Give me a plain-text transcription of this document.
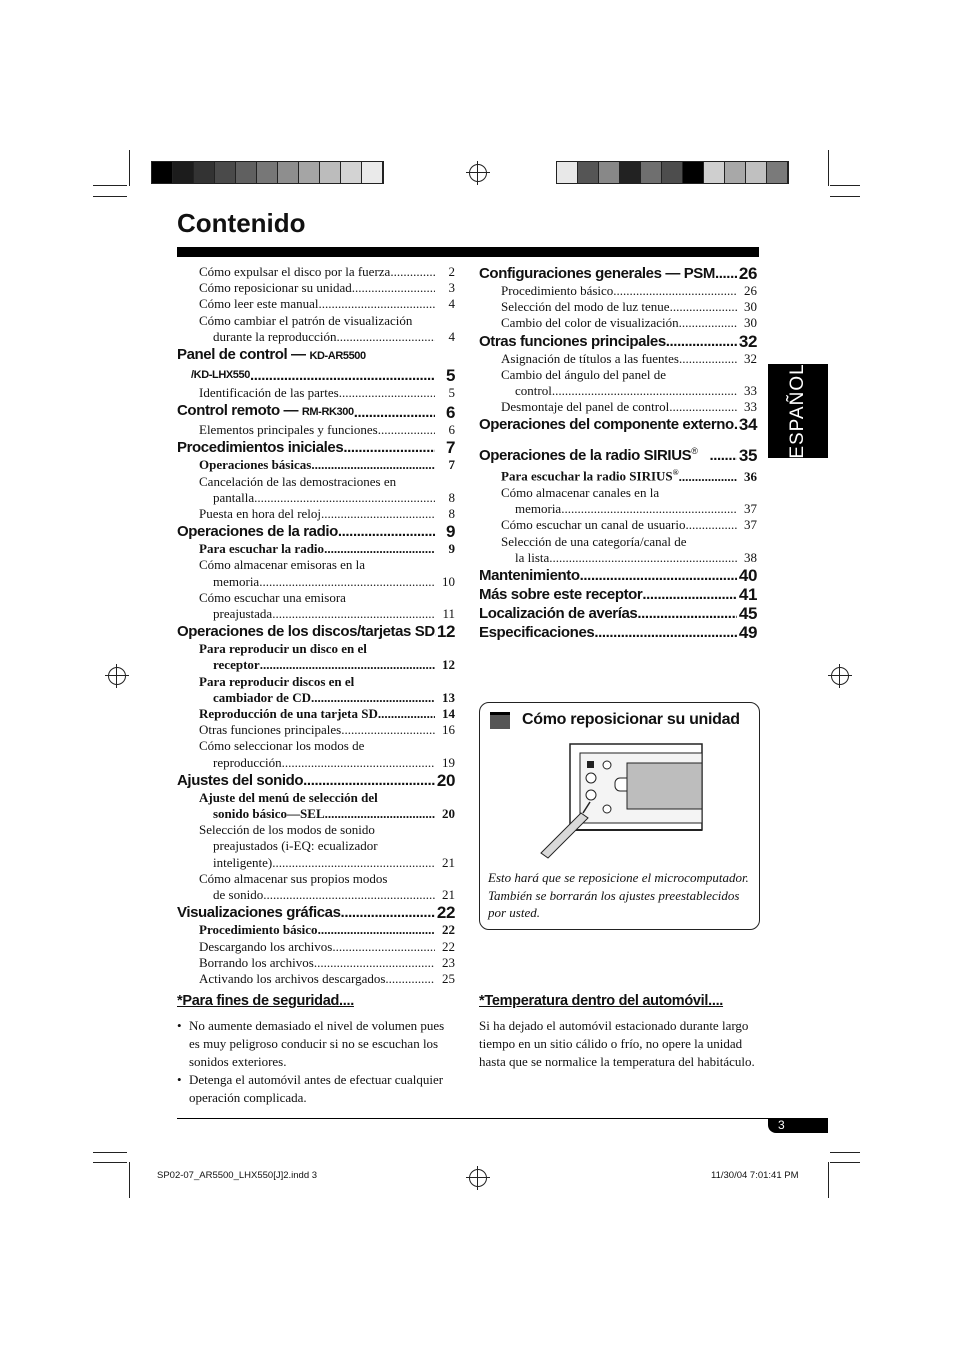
Contenido
ESPAÑOL
Cómo expulsar el disco por la fuerza .....	2
Cómo reposicionar su unidad .....	3
Cómo leer este manual .....	4
Cómo cambiar el patrón de visualización
durante la reproducción .....	4
Panel de control — KD-AR5500
/KD-LHX550 .....	5
Identificación de las partes .....	5
Control remoto — RM-RK300 .....	6
Elementos principales y funciones .....	6
Procedimientos iniciales .....	7
Operaciones básicas .....	7
Cancelación de las demostraciones en
pantalla .....	8
Puesta en hora del reloj .....	8
Operaciones de la radio .....	9
Para escuchar la radio .....	9
Cómo almacenar emisoras en la
memoria .....	10
Cómo escuchar una emisora
preajustada .....	11
Operaciones de los discos/tarjetas SD ..... 12
Para reproducir un disco en el
receptor .....	12
Para reproducir discos en el
cambiador de CD .....	13
Reproducción de una tarjeta SD .....	14
Otras funciones principales .....	16
Cómo seleccionar los modos de
reproducción .....	19
Ajustes del sonido .....	20
Ajuste del menú de selección del
sonido básico—SEL .....	20
Selección de los modos de sonido
preajustados (i-EQ: ecualizador
inteligente) .....	21
Cómo almacenar sus propios modos
de sonido .....	21
Visualizaciones gráficas .....	22
Procedimiento básico .....	22
Descargando los archivos .....	22
Borrando los archivos .....	23
Activando los archivos descargados .....	25
Configuraciones generales — PSM ..... 26
Procedimiento básico .....	26
Selección del modo de luz tenue .....	30
Cambio del color de visualización .....	30
Otras funciones principales .....	32
Asignación de títulos a las fuentes .....	32
Cambio del ángulo del panel de
control .....	33
Desmontaje del panel de control .....	33
Operaciones del componente externo ..... 34
Operaciones de la radio SIRIUS® ..... 35
Para escuchar la radio SIRIUS® .....	36
Cómo almacenar canales en la
memoria .....	37
Cómo escuchar un canal de usuario .....	37
Selección de una categoría/canal de
la lista .....	38
Mantenimiento .....	40
Más sobre este receptor .....	41
Localización de averías .....	45
Especificaciones .....	49
Cómo reposicionar su unidad
Esto hará que se reposicione el microcomputador. También se borrarán los ajustes preestablecidos por usted.
*Para fines de seguridad....
• No aumente demasiado el nivel de volumen pues es muy peligroso conducir si no se escuchan los sonidos exteriores.
• Detenga el automóvil antes de efectuar cualquier operación complicada.
*Temperatura dentro del automóvil....
Si ha dejado el automóvil estacionado durante largo tiempo en un sitio cálido o frío, no opere la unidad hasta que se normalice la temperatura del habitáculo.
3
SP02-07_AR5500_LHX550[J]2.indd 3	11/30/04 7:01:41 PM
